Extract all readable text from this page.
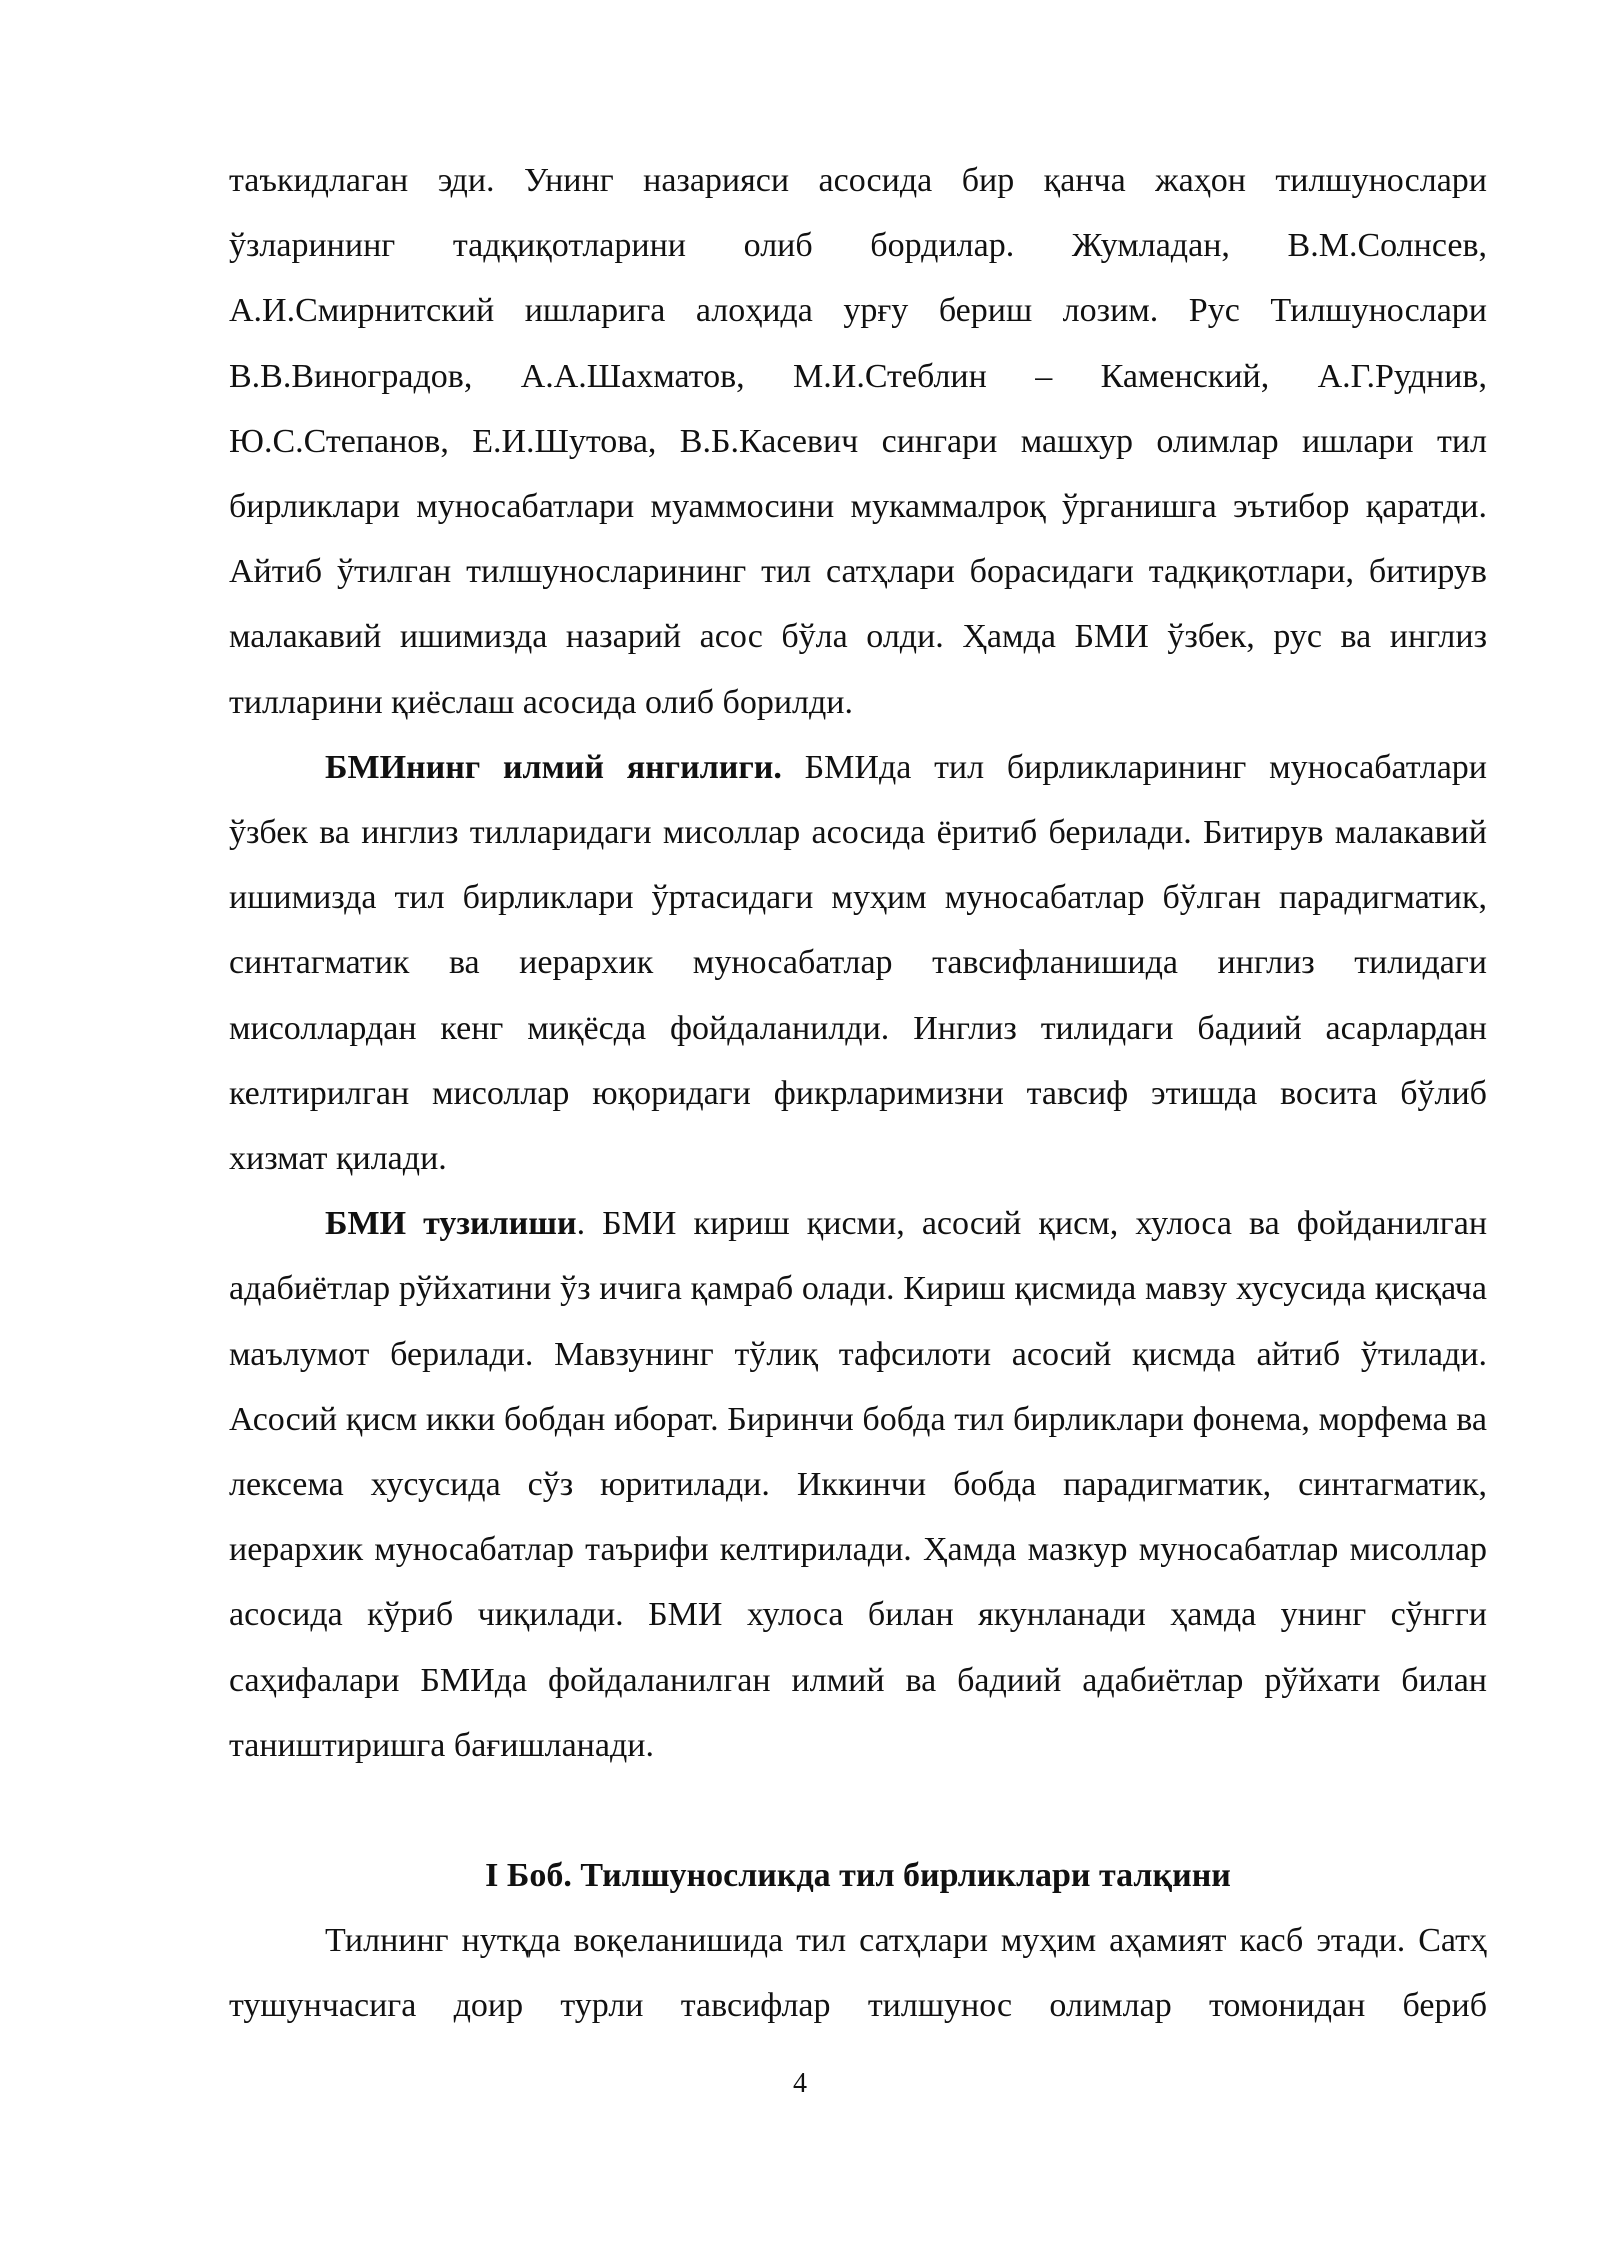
таъкидлаган эди. Унинг назарияси асосида бир қанча жаҳон тилшунослари ўзларининг тадқиқотларини олиб бордилар. Жумладан, В.М.Солнсев, А.И.Смирнитский ишларига алоҳида урғу бериш лозим. Рус Тилшунослари В.В.Виноградов, А.А.Шахматов, М.И.Стеблин – Каменский, А.Г.Руднив, Ю.С.Степанов, Е.И.Шутова, В.Б.Касевич сингари машхур олимлар ишлари тил бирликлари муносабатлари муаммосини мукаммалроқ ўрганишга эътибор қаратди. Айтиб ўтилган тилшуносларининг тил сатҳлари борасидаги тадқиқотлари, битирув малакавий ишимизда назарий асос бўла олди. Ҳамда БМИ ўзбек, рус ва инглиз тилларини қиёслаш асосида олиб борилди.

БМИнинг илмий янгилиги. БМИда тил бирликларининг муносабатлари ўзбек ва инглиз тилларидаги мисоллар асосида ёритиб берилади. Битирув малакавий ишимизда тил бирликлари ўртасидаги муҳим муносабатлар бўлган парадигматик, синтагматик ва иерархик муносабатлар тавсифланишида инглиз тилидаги мисоллардан кенг миқёсда фойдаланилди. Инглиз тилидаги бадиий асарлардан келтирилган мисоллар юқоридаги фикрларимизни тавсиф этишда восита бўлиб хизмат қилади.

БМИ тузилиши. БМИ кириш қисми, асосий қисм, хулоса ва фойданилган адабиётлар рўйхатини ўз ичига қамраб олади. Кириш қисмида мавзу хусусида қисқача маълумот берилади. Мавзунинг тўлиқ тафсилоти асосий қисмда айтиб ўтилади. Асосий қисм икки бобдан иборат. Биринчи бобда тил бирликлари фонема, морфема ва лексема хусусида сўз юритилади. Иккинчи бобда парадигматик, синтагматик, иерархик муносабатлар таърифи келтирилади. Ҳамда мазкур муносабатлар мисоллар асосида кўриб чиқилади. БМИ хулоса билан якунланади ҳамда унинг сўнгги саҳифалари БМИда фойдаланилган илмий ва бадиий адабиётлар рўйхати билан таништиришга бағишланади.

I Боб. Тилшуносликда тил бирликлари талқини

Тилнинг нутқда воқеланишида тил сатҳлари муҳим аҳамият касб этади. Сатҳ тушунчасига доир турли тавсифлар тилшунос олимлар томонидан бериб

4
